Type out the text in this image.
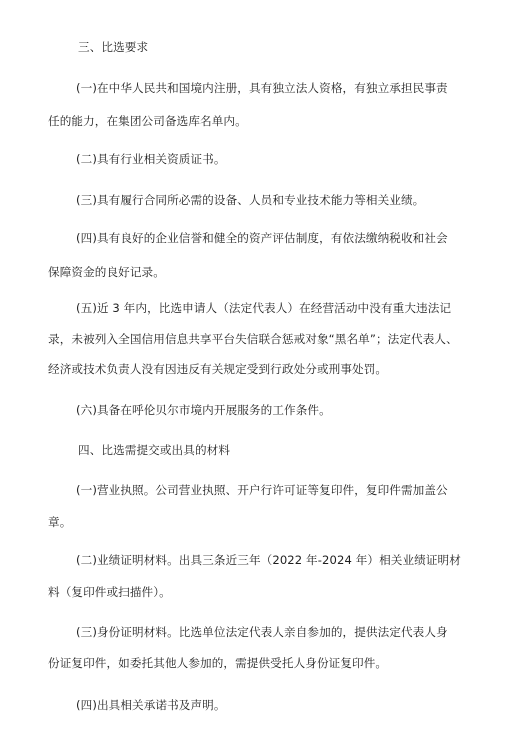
三、比选要求
(一)在中华人民共和国境内注册，具有独立法人资格，有独立承担民事责
任的能力，在集团公司备选库名单内。
(二)具有行业相关资质证书。
(三)具有履行合同所必需的设备、人员和专业技术能力等相关业绩。
(四)具有良好的企业信誉和健全的资产评估制度，有依法缴纳税收和社会
保障资金的良好记录。
(五)近 3 年内，比选申请人（法定代表人）在经营活动中没有重大违法记
录，未被列入全国信用信息共享平台失信联合惩戒对象“黑名单”；法定代表人、
经济或技术负责人没有因违反有关规定受到行政处分或刑事处罚。
(六)具备在呼伦贝尔市境内开展服务的工作条件。
四、比选需提交或出具的材料
(一)营业执照。公司营业执照、开户行许可证等复印件，复印件需加盖公
章。
(二)业绩证明材料。出具三条近三年（2022 年-2024 年）相关业绩证明材
料（复印件或扫描件）。
(三)身份证明材料。比选单位法定代表人亲自参加的，提供法定代表人身
份证复印件，如委托其他人参加的，需提供受托人身份证复印件。
(四)出具相关承诺书及声明。
